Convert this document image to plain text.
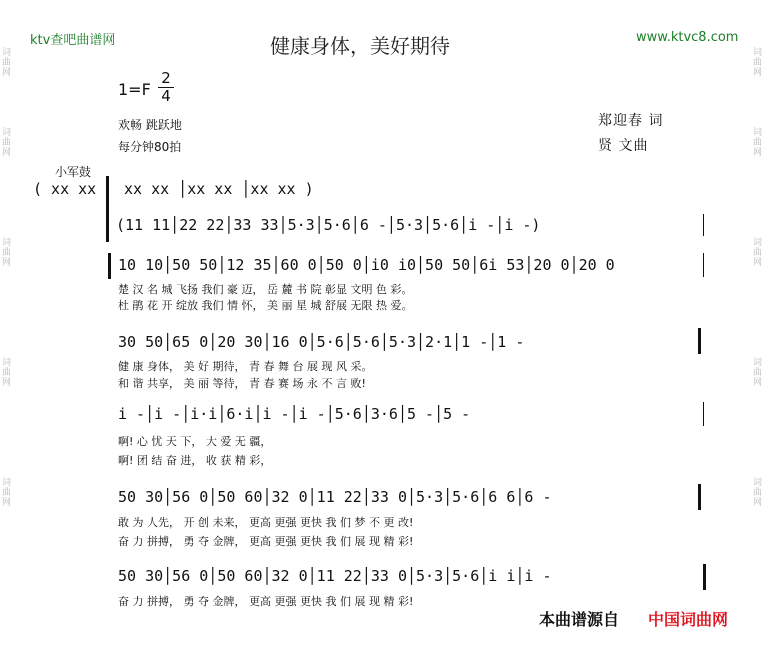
词
曲
网
词
曲
网
词
曲
网
词
曲
网
词
曲
网
词
曲
网
词
曲
网
词
曲
网
词
曲
网
词
曲
网
ktv查吧曲谱网	健康身体，美好期待	www.ktvc8.com
1=F
2
4
欢畅 跳跃地
每分钟80拍
郑迎春 词
贤 文曲
小军鼓
( xx xx xx xx │xx xx │xx xx )
(11 11│22 22│33 33│5·3│5·6│6 -│5·3│5·6│i -│i -)
10 10│50 50│12 35│60 0│50 0│i0 i0│50 50│6i 53│20 0│20 0
楚 汉 名 城 飞扬 我们 豪 迈， 岳 麓 书 院 彰显 文明 色 彩。
杜 鹃 花 开 绽放 我们 情 怀， 美 丽 星 城 舒展 无限 热 爱。
30 50│65 0│20 30│16 0│5·6│5·6│5·3│2·1│1 -│1 -
健 康 身体， 美 好 期待， 青 春 舞 台 展 现 风 采。
和 谐 共享， 美 丽 等待， 青 春 赛 场 永 不 言 败!
i -│i -│i·i│6·i│i -│i -│5·6│3·6│5 -│5 -
啊! 心 忧 天 下， 大 爱 无 疆，
啊! 团 结 奋 进， 收 获 精 彩，
50 30│56 0│50 60│32 0│11 22│33 0│5·3│5·6│6 6│6 -
敢 为 人先， 开 创 未来， 更高 更强 更快 我 们 梦 不 更 改!
奋 力 拼搏， 勇 夺 金牌， 更高 更强 更快 我 们 展 现 精 彩!
50 30│56 0│50 60│32 0│11 22│33 0│5·3│5·6│i i│i -
奋 力 拼搏， 勇 夺 金牌， 更高 更强 更快 我 们 展 现 精 彩!
本曲谱源自 中国词曲网
